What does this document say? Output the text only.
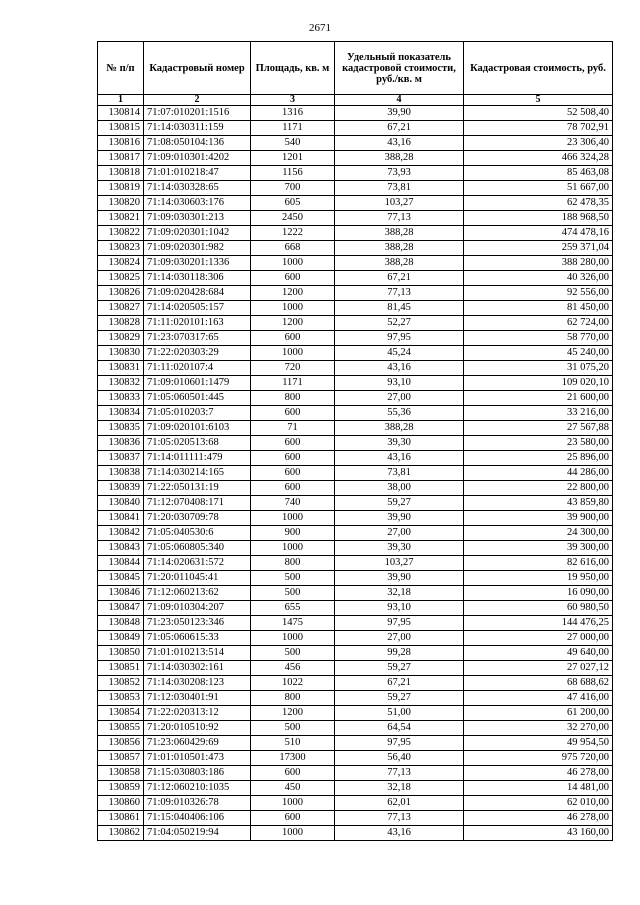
2671
№ п/п	Кадастровый номер	Площадь, кв. м	Удельный показатель кадастровой стоимости, руб./кв. м	Кадастровая стоимость, руб.
1	2	3	4	5
130814	71:07:010201:1516	1316	39,90	52 508,40
130815	71:14:030311:159	1171	67,21	78 702,91
130816	71:08:050104:136	540	43,16	23 306,40
130817	71:09:010301:4202	1201	388,28	466 324,28
130818	71:01:010218:47	1156	73,93	85 463,08
130819	71:14:030328:65	700	73,81	51 667,00
130820	71:14:030603:176	605	103,27	62 478,35
130821	71:09:030301:213	2450	77,13	188 968,50
130822	71:09:020301:1042	1222	388,28	474 478,16
130823	71:09:020301:982	668	388,28	259 371,04
130824	71:09:030201:1336	1000	388,28	388 280,00
130825	71:14:030118:306	600	67,21	40 326,00
130826	71:09:020428:684	1200	77,13	92 556,00
130827	71:14:020505:157	1000	81,45	81 450,00
130828	71:11:020101:163	1200	52,27	62 724,00
130829	71:23:070317:65	600	97,95	58 770,00
130830	71:22:020303:29	1000	45,24	45 240,00
130831	71:11:020107:4	720	43,16	31 075,20
130832	71:09:010601:1479	1171	93,10	109 020,10
130833	71:05:060501:445	800	27,00	21 600,00
130834	71:05:010203:7	600	55,36	33 216,00
130835	71:09:020101:6103	71	388,28	27 567,88
130836	71:05:020513:68	600	39,30	23 580,00
130837	71:14:011111:479	600	43,16	25 896,00
130838	71:14:030214:165	600	73,81	44 286,00
130839	71:22:050131:19	600	38,00	22 800,00
130840	71:12:070408:171	740	59,27	43 859,80
130841	71:20:030709:78	1000	39,90	39 900,00
130842	71:05:040530:6	900	27,00	24 300,00
130843	71:05:060805:340	1000	39,30	39 300,00
130844	71:14:020631:572	800	103,27	82 616,00
130845	71:20:011045:41	500	39,90	19 950,00
130846	71:12:060213:62	500	32,18	16 090,00
130847	71:09:010304:207	655	93,10	60 980,50
130848	71:23:050123:346	1475	97,95	144 476,25
130849	71:05:060615:33	1000	27,00	27 000,00
130850	71:01:010213:514	500	99,28	49 640,00
130851	71:14:030302:161	456	59,27	27 027,12
130852	71:14:030208:123	1022	67,21	68 688,62
130853	71:12:030401:91	800	59,27	47 416,00
130854	71:22:020313:12	1200	51,00	61 200,00
130855	71:20:010510:92	500	64,54	32 270,00
130856	71:23:060429:69	510	97,95	49 954,50
130857	71:01:010501:473	17300	56,40	975 720,00
130858	71:15:030803:186	600	77,13	46 278,00
130859	71:12:060210:1035	450	32,18	14 481,00
130860	71:09:010326:78	1000	62,01	62 010,00
130861	71:15:040406:106	600	77,13	46 278,00
130862	71:04:050219:94	1000	43,16	43 160,00
